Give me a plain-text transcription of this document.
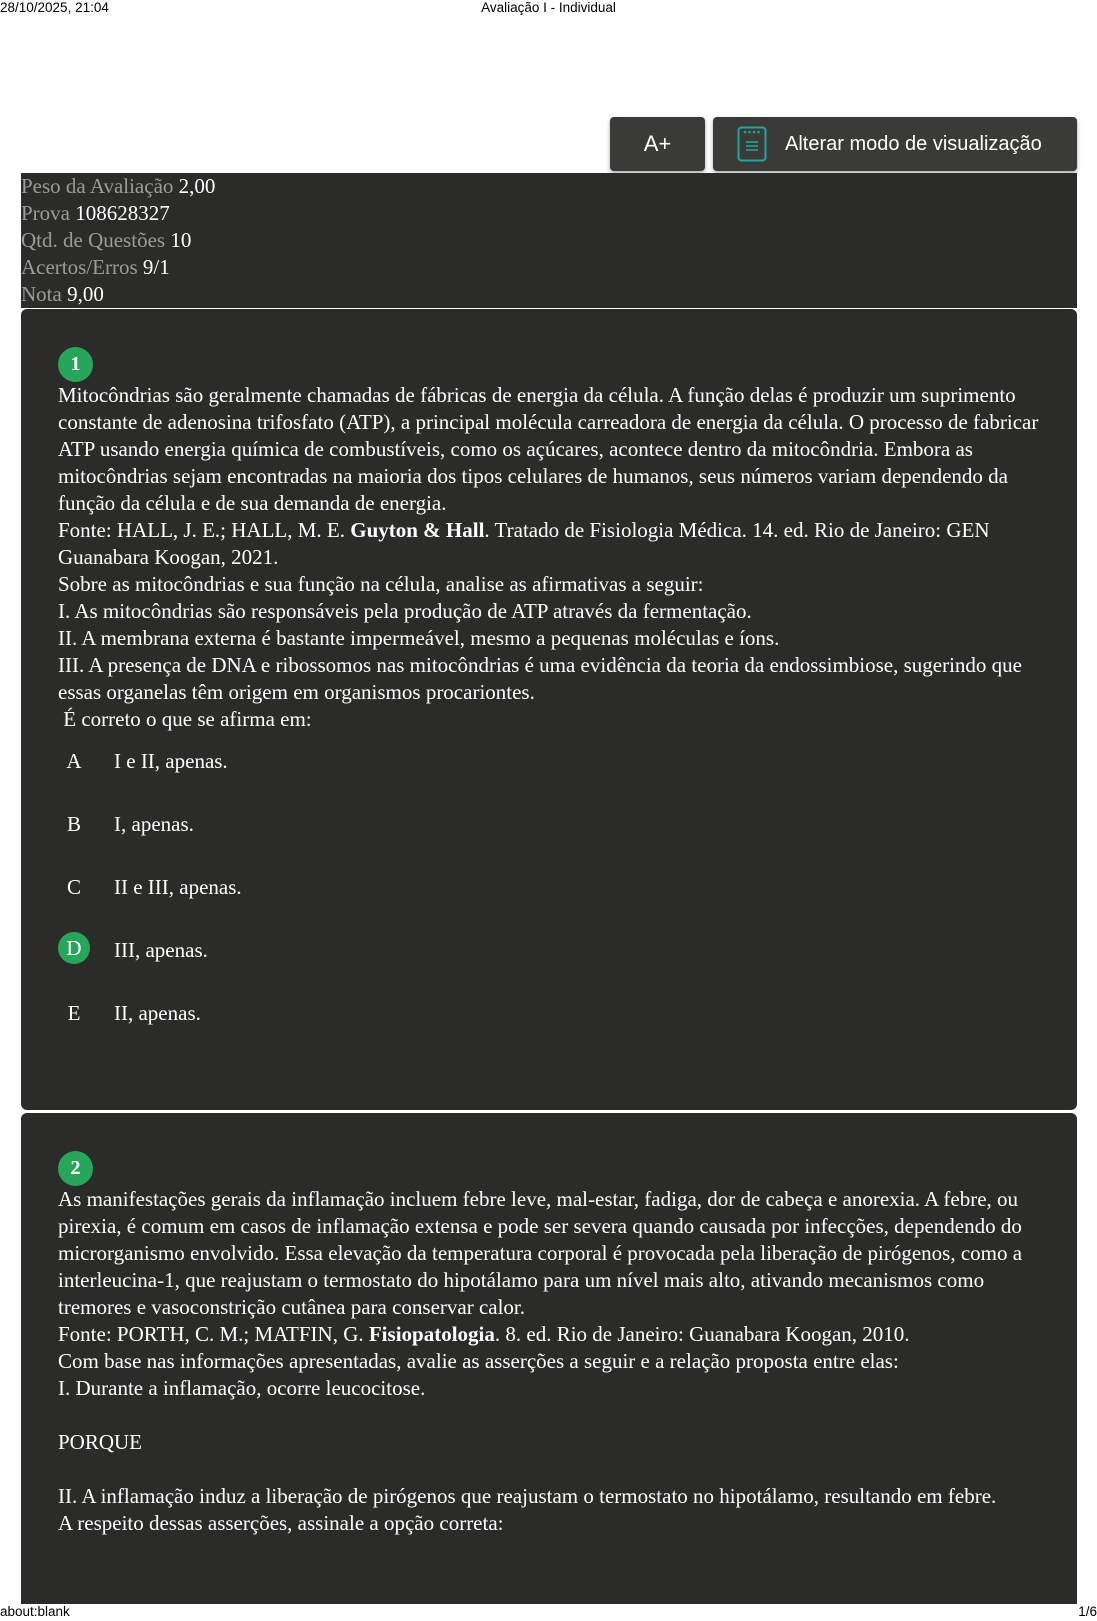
28/10/2025, 21:04	Avaliação I - Individual
A+	Alterar modo de visualização
Peso da Avaliação 2,00
Prova 108628327
Qtd. de Questões 10
Acertos/Erros 9/1
Nota 9,00
1

Mitocôndrias são geralmente chamadas de fábricas de energia da célula. A função delas é produzir um suprimento constante de adenosina trifosfato (ATP), a principal molécula carreadora de energia da célula. O processo de fabricar ATP usando energia química de combustíveis, como os açúcares, acontece dentro da mitocôndria. Embora as mitocôndrias sejam encontradas na maioria dos tipos celulares de humanos, seus números variam dependendo da função da célula e de sua demanda de energia.

Fonte: HALL, J. E.; HALL, M. E. Guyton & Hall. Tratado de Fisiologia Médica. 14. ed. Rio de Janeiro: GEN Guanabara Koogan, 2021.

Sobre as mitocôndrias e sua função na célula, analise as afirmativas a seguir:

I. As mitocôndrias são responsáveis pela produção de ATP através da fermentação.

II. A membrana externa é bastante impermeável, mesmo a pequenas moléculas e íons.

III. A presença de DNA e ribossomos nas mitocôndrias é uma evidência da teoria da endossimbiose, sugerindo que essas organelas têm origem em organismos procariontes.

É correto o que se afirma em:

A	I e II, apenas.
B	I, apenas.
C	II e III, apenas.
D	III, apenas.
E	II, apenas.
2

As manifestações gerais da inflamação incluem febre leve, mal-estar, fadiga, dor de cabeça e anorexia. A febre, ou pirexia, é comum em casos de inflamação extensa e pode ser severa quando causada por infecções, dependendo do microrganismo envolvido. Essa elevação da temperatura corporal é provocada pela liberação de pirógenos, como a interleucina-1, que reajustam o termostato do hipotálamo para um nível mais alto, ativando mecanismos como tremores e vasoconstrição cutânea para conservar calor.

Fonte: PORTH, C. M.; MATFIN, G. Fisiopatologia. 8. ed. Rio de Janeiro: Guanabara Koogan, 2010.

Com base nas informações apresentadas, avalie as asserções a seguir e a relação proposta entre elas:

I. Durante a inflamação, ocorre leucocitose.

PORQUE

II. A inflamação induz a liberação de piróg​enos que reajustam o termostato no hipotálamo, resultando em febre.

A respeito dessas asserções, assinale a opção correta:

about:blank	1/6
